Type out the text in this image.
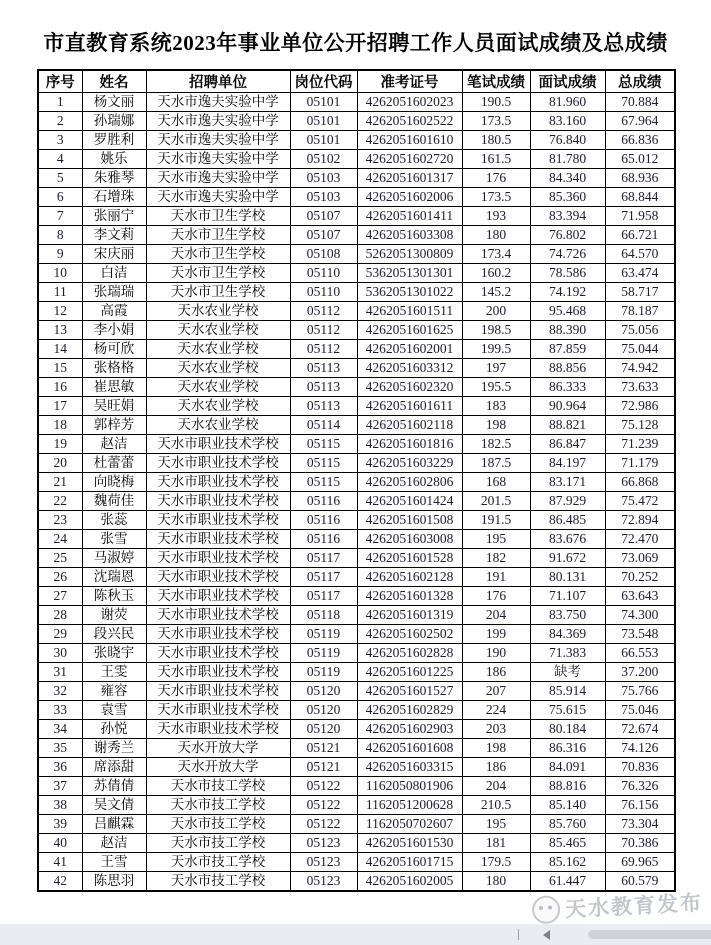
市直教育系统2023年事业单位公开招聘工作人员面试成绩及总成绩
序号	姓名	招聘单位	岗位代码	准考证号	笔试成绩	面试成绩	总成绩
1	杨文丽	天水市逸夫实验中学	05101	4262051602023	190.5	81.960	70.884
2	孙瑞娜	天水市逸夫实验中学	05101	4262051602522	173.5	83.160	67.964
3	罗胜利	天水市逸夫实验中学	05101	4262051601610	180.5	76.840	66.836
4	姚乐	天水市逸夫实验中学	05102	4262051602720	161.5	81.780	65.012
5	朱雅琴	天水市逸夫实验中学	05103	4262051601317	176	84.340	68.936
6	石增珠	天水市逸夫实验中学	05103	4262051602006	173.5	85.360	68.844
7	张丽宁	天水市卫生学校	05107	4262051601411	193	83.394	71.958
8	李文莉	天水市卫生学校	05107	4262051603308	180	76.802	66.721
9	宋庆丽	天水市卫生学校	05108	5262051300809	173.4	74.726	64.570
10	白洁	天水市卫生学校	05110	5362051301301	160.2	78.586	63.474
11	张瑞瑞	天水市卫生学校	05110	5362051301022	145.2	74.192	58.717
12	高霞	天水农业学校	05112	4262051601511	200	95.468	78.187
13	李小娟	天水农业学校	05112	4262051601625	198.5	88.390	75.056
14	杨可欣	天水农业学校	05112	4262051602001	199.5	87.859	75.044
15	张格格	天水农业学校	05113	4262051603312	197	88.856	74.942
16	崔思敏	天水农业学校	05113	4262051602320	195.5	86.333	73.633
17	吴旺娟	天水农业学校	05113	4262051601611	183	90.964	72.986
18	郭梓芳	天水农业学校	05114	4262051602118	198	88.821	75.128
19	赵洁	天水市职业技术学校	05115	4262051601816	182.5	86.847	71.239
20	杜蕾蕾	天水市职业技术学校	05115	4262051603229	187.5	84.197	71.179
21	向晓梅	天水市职业技术学校	05115	4262051602806	168	83.171	66.868
22	魏荷佳	天水市职业技术学校	05116	4262051601424	201.5	87.929	75.472
23	张蕊	天水市职业技术学校	05116	4262051601508	191.5	86.485	72.894
24	张雪	天水市职业技术学校	05116	4262051603008	195	83.676	72.470
25	马淑婷	天水市职业技术学校	05117	4262051601528	182	91.672	73.069
26	沈瑞恩	天水市职业技术学校	05117	4262051602128	191	80.131	70.252
27	陈秋玉	天水市职业技术学校	05117	4262051601328	176	71.107	63.643
28	谢荧	天水市职业技术学校	05118	4262051601319	204	83.750	74.300
29	段兴民	天水市职业技术学校	05119	4262051602502	199	84.369	73.548
30	张晓宇	天水市职业技术学校	05119	4262051602828	190	71.383	66.553
31	王雯	天水市职业技术学校	05119	4262051601225	186	缺考	37.200
32	雍容	天水市职业技术学校	05120	4262051601527	207	85.914	75.766
33	袁雪	天水市职业技术学校	05120	4262051602829	224	75.615	75.046
34	孙悦	天水市职业技术学校	05120	4262051602903	203	80.184	72.674
35	谢秀兰	天水开放大学	05121	4262051601608	198	86.316	74.126
36	席添甜	天水开放大学	05121	4262051603315	186	84.091	70.836
37	苏倩倩	天水市技工学校	05122	1162050801906	204	88.816	76.326
38	吴文倩	天水市技工学校	05122	1162051200628	210.5	85.140	76.156
39	吕麒霖	天水市技工学校	05122	1162050702607	195	85.760	73.304
40	赵洁	天水市技工学校	05123	4262051601530	181	85.465	70.386
41	王雪	天水市技工学校	05123	4262051601715	179.5	85.162	69.965
42	陈思羽	天水市技工学校	05123	4262051602005	180	61.447	60.579
天水教育发布
